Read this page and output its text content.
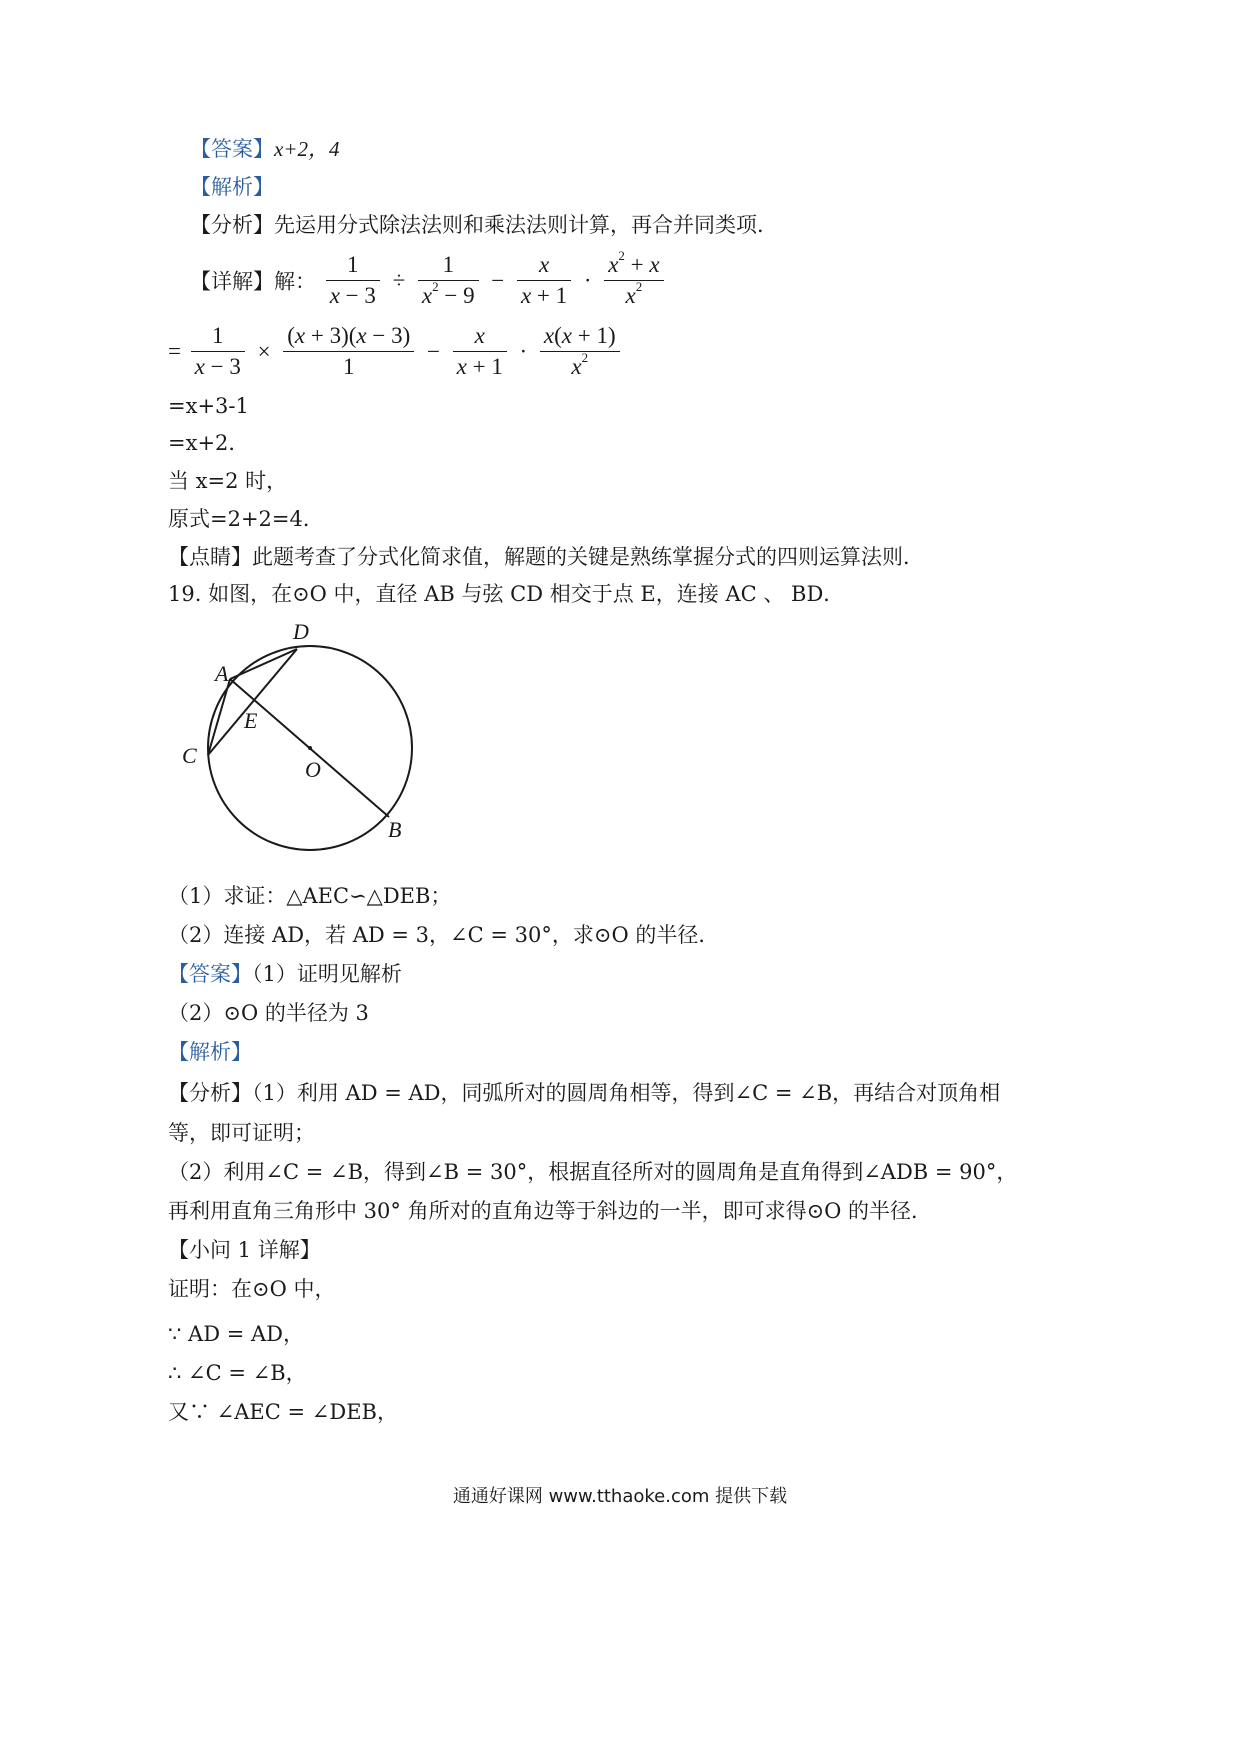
【答案】x+2，4
【解析】
【分析】先运用分式除法法则和乘法法则计算，再合并同类项．
【详解】解： $\frac{1}{x - 3} \div \frac{1}{x^2 - 9} - \frac{x}{x + 1} \cdot \frac{x^2 + x}{x^2}$
= $\frac{1}{x - 3} \times \frac{(x + 3)(x - 3)}{1} - \frac{x}{x + 1} \cdot \frac{x(x + 1)}{x^2}$
=x+3-1
=x+2．
当 x=2 时，
原式=2+2=4．
【点睛】此题考查了分式化简求值，解题的关键是熟练掌握分式的四则运算法则．
19. 如图，在⊙O 中，直径 AB 与弦 CD 相交于点 E，连接 AC 、 BD．
D
A
E
C
O
B
（1）求证：△AEC∽△DEB；
（2）连接 AD，若 AD = 3，∠C = 30°，求⊙O 的半径．
【答案】（1）证明见解析
（2）⊙O 的半径为 3
【解析】
【分析】（1）利用 AD = AD，同弧所对的圆周角相等，得到∠C = ∠B，再结合对顶角相
等，即可证明；
（2）利用∠C = ∠B，得到∠B = 30°，根据直径所对的圆周角是直角得到∠ADB = 90°，
再利用直角三角形中 30° 角所对的直角边等于斜边的一半，即可求得⊙O 的半径．
【小问 1 详解】
证明：在⊙O 中，
∵ AD = AD，
∴ ∠C = ∠B，
又∵ ∠AEC = ∠DEB，
通通好课网 www.tthaoke.com 提供下载
